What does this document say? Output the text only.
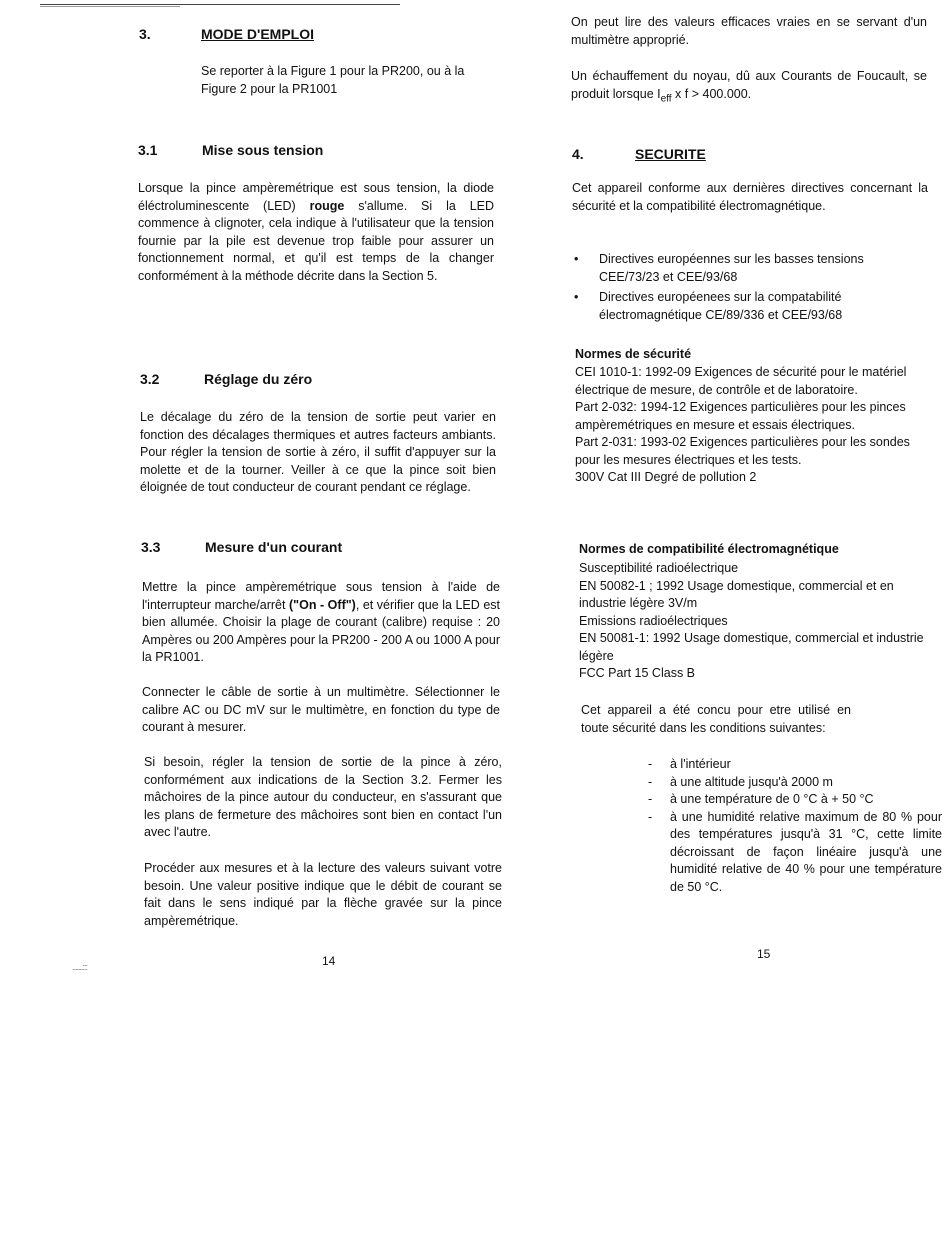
3.	MODE D'EMPLOI

Se reporter à la Figure 1 pour la PR200, ou à la Figure 2 pour la PR1001

3.1	Mise sous tension

Lorsque la pince ampèremétrique est sous tension, la diode éléctroluminescente (LED) rouge s'allume. Si la LED commence à clignoter, cela indique à l'utilisateur que la tension fournie par la pile est devenue trop faible pour assurer un fonctionnement normal, et qu'il est temps de la changer conformément à la méthode décrite dans la Section 5.

3.2	Réglage du zéro

Le décalage du zéro de la tension de sortie peut varier en fonction des décalages thermiques et autres facteurs ambiants. Pour régler la tension de sortie à zéro, il suffit d'appuyer sur la molette et de la tourner. Veiller à ce que la pince soit bien éloignée de tout conducteur de courant pendant ce réglage.

3.3	Mesure d'un courant

Mettre la pince ampèremétrique sous tension à l'aide de l'interrupteur marche/arrêt ("On - Off"), et vérifier que la LED est bien allumée. Choisir la plage de courant (calibre) requise : 20 Ampères ou 200 Ampères pour la PR200 - 200 A ou 1000 A pour la PR1001.

Connecter le câble de sortie à un multimètre. Sélectionner le calibre AC ou DC mV sur le multimètre, en fonction du type de courant à mesurer.

Si besoin, régler la tension de sortie de la pince à zéro, conformément aux indications de la Section 3.2. Fermer les mâchoires de la pince autour du conducteur, en s'assurant que les plans de fermeture des mâchoires sont bien en contact l'un avec l'autre.

Procéder aux mesures et à la lecture des valeurs suivant votre besoin. Une valeur positive indique que le débit de courant se fait dans le sens indiqué par la flèche gravée sur la pince ampèremétrique.

14
.......:::

On peut lire des valeurs efficaces vraies en se servant d'un multimètre approprié.

Un échauffement du noyau, dû aux Courants de Foucault, se produit lorsque $I_{eff}$ x f > 400.000.

4.	SECURITE

Cet appareil conforme aux dernières directives concernant la sécurité et la compatibilité électromagnétique.

• Directives européennes sur les basses tensions CEE/73/23 et CEE/93/68
• Directives européenees sur la compatabilité électromagnétique CE/89/336 et CEE/93/68
Normes de sécurité
CEI 1010-1: 1992-09 Exigences de sécurité pour le matériel électrique de mesure, de contrôle et de laboratoire.
Part 2-032: 1994-12 Exigences particulières pour les pinces ampèremétriques en mesure et essais électriques.
Part 2-031: 1993-02 Exigences particulières pour les sondes pour les mesures électriques et les tests.
300V Cat III Degré de pollution 2
Normes de compatibilité électromagnétique
Susceptibilité radioélectrique
EN 50082-1 ; 1992 Usage domestique, commercial et en industrie légère 3V/m
Emissions radioélectriques
EN 50081-1: 1992 Usage domestique, commercial et industrie légère
FCC Part 15 Class B

Cet appareil a été concu pour etre utilisé en toute sécurité dans les conditions suivantes:

- à l'intérieur
- à une altitude jusqu'à 2000 m
- à une température de 0 °C à + 50 °C
- à une humidité relative maximum de 80 % pour des températures jusqu'à 31 °C, cette limite décroissant de façon linéaire jusqu'à une humidité relative de 40 % pour une température de 50 °C.
15
